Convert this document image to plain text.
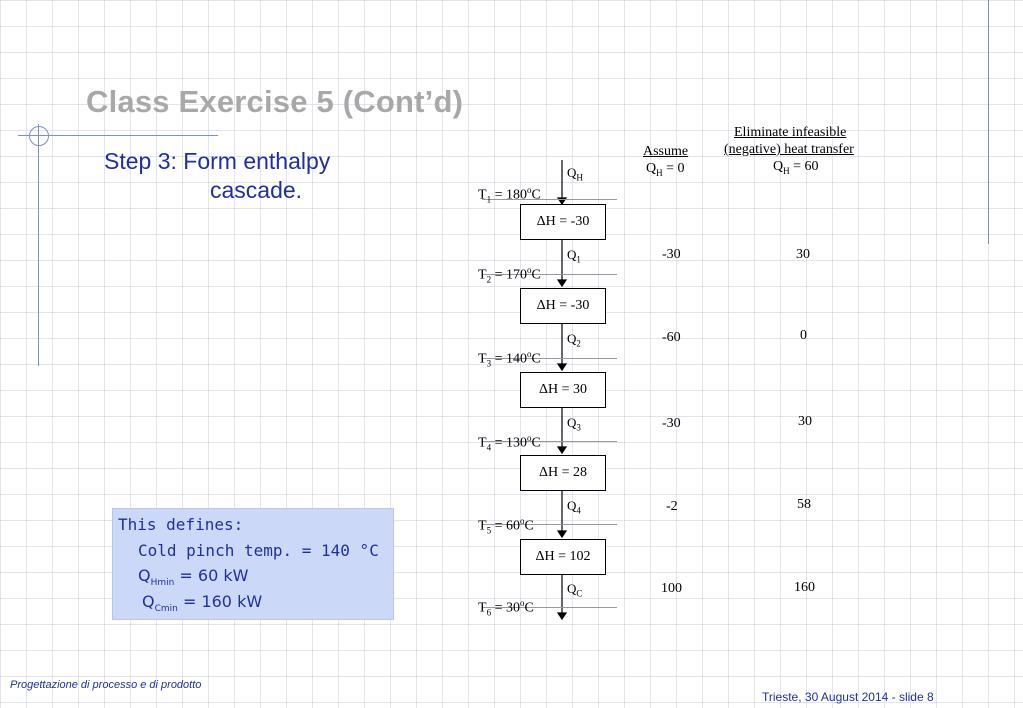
Class Exercise 5 (Cont’d)
Step 3: Form enthalpy
cascade.
Assume
$Q_H = 0$
Eliminate infeasible
(negative) heat transfer
$Q_H = 60$
$Q_H$
$T_1 = 180^oC$
$T_2 = 170^oC$
$T_3 = 140^oC$
$T_4 = 130^oC$
$T_5 = 60^oC$
$T_6 = 30^oC$
ΔH = -30
ΔH = -30
ΔH = 30
ΔH = 28
ΔH = 102
$Q_1$
$Q_2$
$Q_3$
$Q_4$
$Q_C$
-30
-60
-30
-2
100
30
0
30
58
160
This defines:
Cold pinch temp. = 140 °C
$Q_{Hmin} = 60$ kW
$Q_{Cmin} = 160$ kW
Progettazione di processo e di prodotto
Trieste, 30 August 2014 - slide 8
